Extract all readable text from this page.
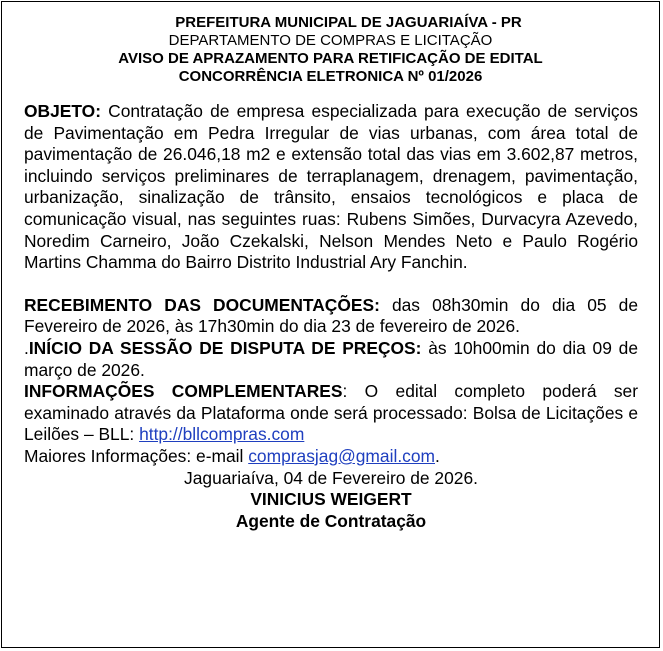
PREFEITURA MUNICIPAL DE JAGUARIAÍVA - PR

DEPARTAMENTO DE COMPRAS E LICITAÇÃO

AVISO DE APRAZAMENTO PARA RETIFICAÇÃO DE EDITAL

CONCORRÊNCIA ELETRONICA Nº 01/2026

OBJETO: Contratação de empresa especializada para execução de serviços de Pavimentação em Pedra Irregular de vias urbanas, com área total de pavimentação de 26.046,18 m2 e extensão total das vias em 3.602,87 metros, incluindo serviços preliminares de terraplanagem, drenagem, pavimentação, urbanização, sinalização de trânsito, ensaios tecnológicos e placa de comunicação visual, nas seguintes ruas: Rubens Simões, Durvacyra Azevedo, Noredim Carneiro, João Czekalski, Nelson Mendes Neto e Paulo Rogério Martins Chamma do Bairro Distrito Industrial Ary Fanchin.

RECEBIMENTO DAS DOCUMENTAÇÕES: das 08h30min do dia 05 de Fevereiro de 2026, às 17h30min do dia 23 de fevereiro de 2026.

.INÍCIO DA SESSÃO DE DISPUTA DE PREÇOS: às 10h00min do dia 09 de março de 2026.

INFORMAÇÕES COMPLEMENTARES: O edital completo poderá ser examinado através da Plataforma onde será processado: Bolsa de Licitações e Leilões – BLL: http://bllcompras.com

Maiores Informações: e-mail comprasjag@gmail.com.

Jaguariaíva, 04 de Fevereiro de 2026.

VINICIUS WEIGERT

Agente de Contratação
